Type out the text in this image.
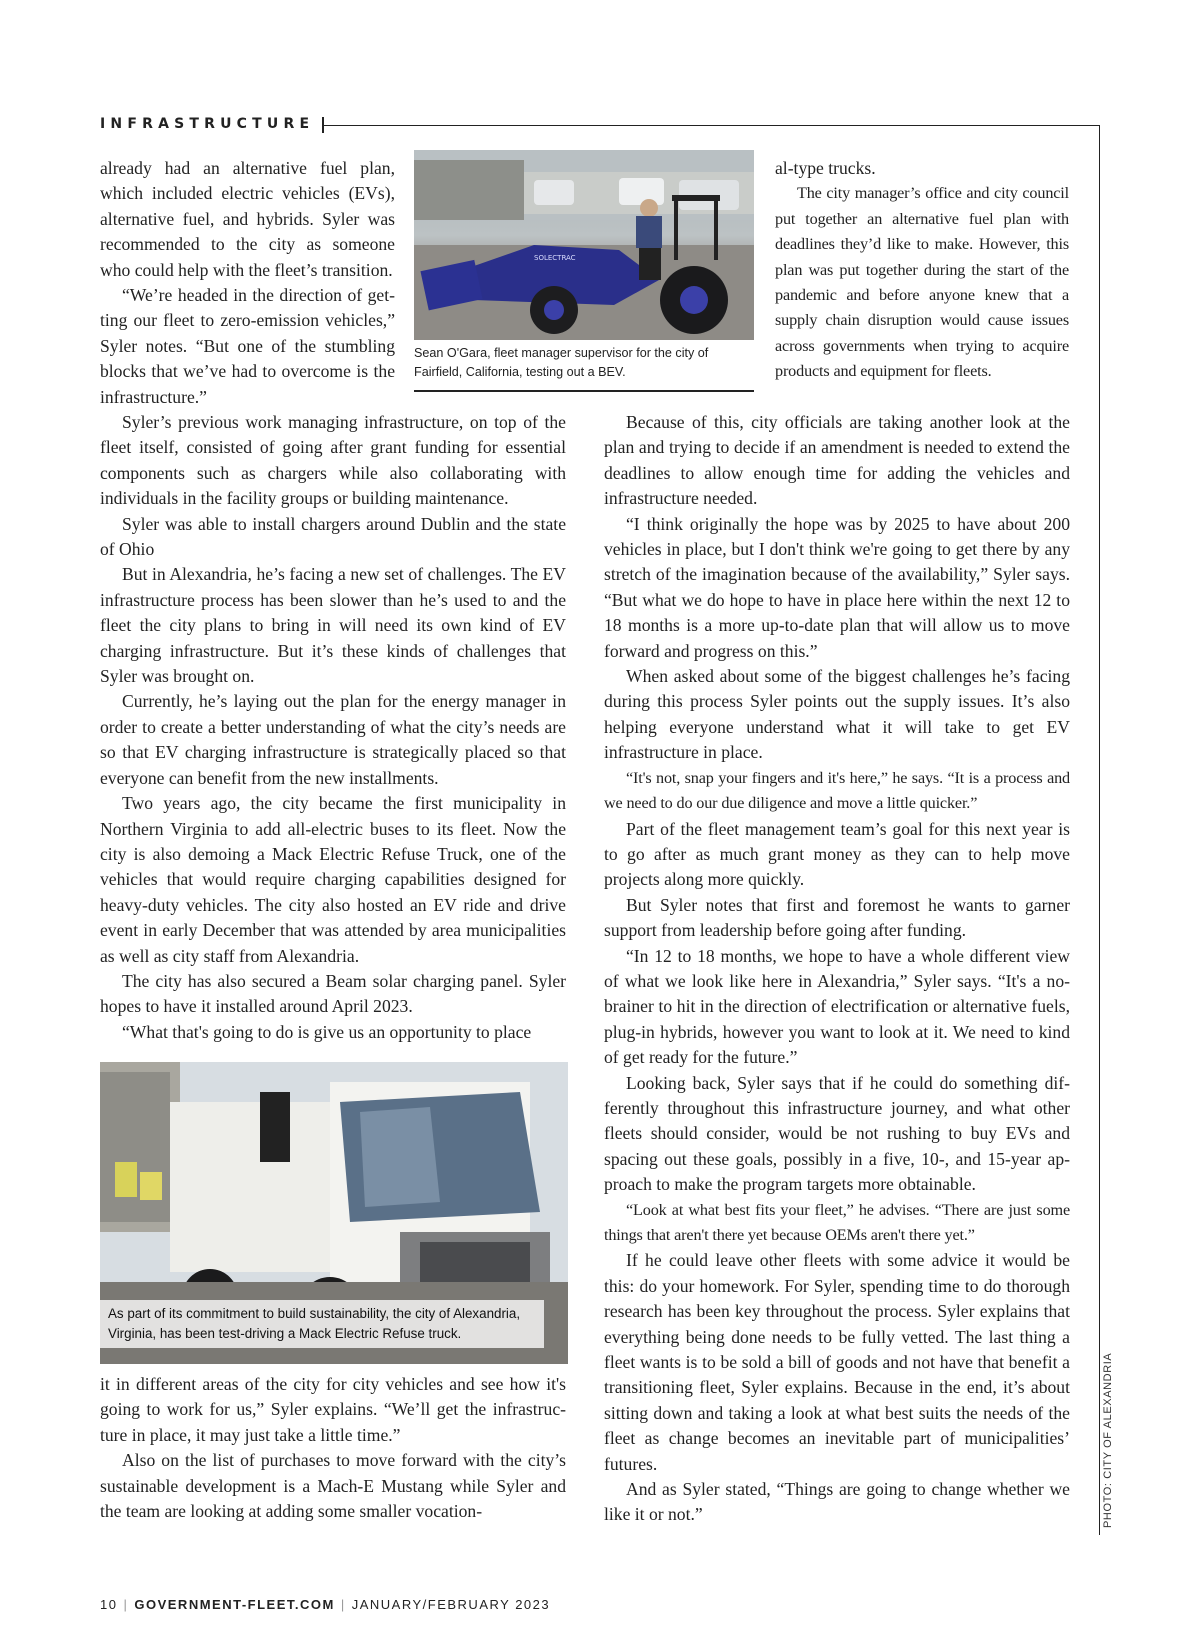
INFRASTRUCTURE
PHOTO: CITY OF ALEXANDRIA

already had an alternative fuel plan, which included electric vehicles (EVs), alternative fuel, and hybrids. Syler was recommended to the city as someone who could help with the fleet’s transition.

“We’re headed in the direction of getting our fleet to zero-emission vehicles,” Syler notes. “But one of the stumbling blocks that we’ve had to overcome is the infrastructure.”

SOLECTRAC
Sean O'Gara, fleet manager supervisor for the city of Fairfield, California, testing out a BEV.

Syler’s previous work managing infrastructure, on top of the fleet itself, consisted of going after grant funding for essential components such as chargers while also collaborating with individuals in the facility groups or building maintenance.

Syler was able to install chargers around Dublin and the state of Ohio

But in Alexandria, he’s facing a new set of challenges. The EV infrastructure process has been slower than he’s used to and the fleet the city plans to bring in will need its own kind of EV charging infrastructure. But it’s these kinds of challenges that Syler was brought on.

Currently, he’s laying out the plan for the energy manager in order to create a better understanding of what the city’s needs are so that EV charging infrastructure is strategically placed so that everyone can benefit from the new installments.

Two years ago, the city became the first municipality in Northern Virginia to add all-electric buses to its fleet. Now the city is also demoing a Mack Electric Refuse Truck, one of the vehicles that would require charging capabilities designed for heavy-duty vehicles. The city also hosted an EV ride and drive event in early December that was attended by area municipalities as well as city staff from Alexandria.

The city has also secured a Beam solar charging panel. Syler hopes to have it installed around April 2023.

“What that's going to do is give us an opportunity to place

As part of its commitment to build sustainability, the city of Alexandria, Virginia, has been test-driving a Mack Electric Refuse truck.

it in different areas of the city for city vehicles and see how it's going to work for us,” Syler explains. “We’ll get the infrastructure in place, it may just take a little time.”

Also on the list of purchases to move forward with the city’s sustainable development is a Mach-E Mustang while Syler and the team are looking at adding some smaller vocation-

al-type trucks.

The city manager’s office and city council put together an alternative fuel plan with deadlines they’d like to make. However, this plan was put together during the start of the pandemic and before anyone knew that a supply chain disruption would cause issues across governments when trying to acquire products and equipment for fleets.

Because of this, city officials are taking another look at the plan and trying to decide if an amendment is needed to extend the deadlines to allow enough time for adding the vehicles and infrastructure needed.

“I think originally the hope was by 2025 to have about 200 vehicles in place, but I don't think we're going to get there by any stretch of the imagination because of the availability,” Syler says. “But what we do hope to have in place here within the next 12 to 18 months is a more up-to-date plan that will allow us to move forward and progress on this.”

When asked about some of the biggest challenges he’s facing during this process Syler points out the supply issues. It’s also helping everyone understand what it will take to get EV infrastructure in place.

“It's not, snap your fingers and it's here,” he says. “It is a process and we need to do our due diligence and move a little quicker.”

Part of the fleet management team’s goal for this next year is to go after as much grant money as they can to help move projects along more quickly.

But Syler notes that first and foremost he wants to garner support from leadership before going after funding.

“In 12 to 18 months, we hope to have a whole different view of what we look like here in Alexandria,” Syler says. “It's a no-brainer to hit in the direction of electrification or alternative fuels, plug-in hybrids, however you want to look at it. We need to kind of get ready for the future.”

Looking back, Syler says that if he could do something differently throughout this infrastructure journey, and what other fleets should consider, would be not rushing to buy EVs and spacing out these goals, possibly in a five, 10-, and 15-year approach to make the program targets more obtainable.

“Look at what best fits your fleet,” he advises. “There are just some things that aren't there yet because OEMs aren't there yet.”

If he could leave other fleets with some advice it would be this: do your homework. For Syler, spending time to do thorough research has been key throughout the process. Syler explains that everything being done needs to be fully vetted. The last thing a fleet wants is to be sold a bill of goods and not have that benefit a transitioning fleet, Syler explains. Because in the end, it’s about sitting down and taking a look at what best suits the needs of the fleet as change becomes an inevitable part of municipalities’ futures.

And as Syler stated, “Things are going to change whether we like it or not.”

10 | GOVERNMENT-FLEET.COM | JANUARY/FEBRUARY 2023
